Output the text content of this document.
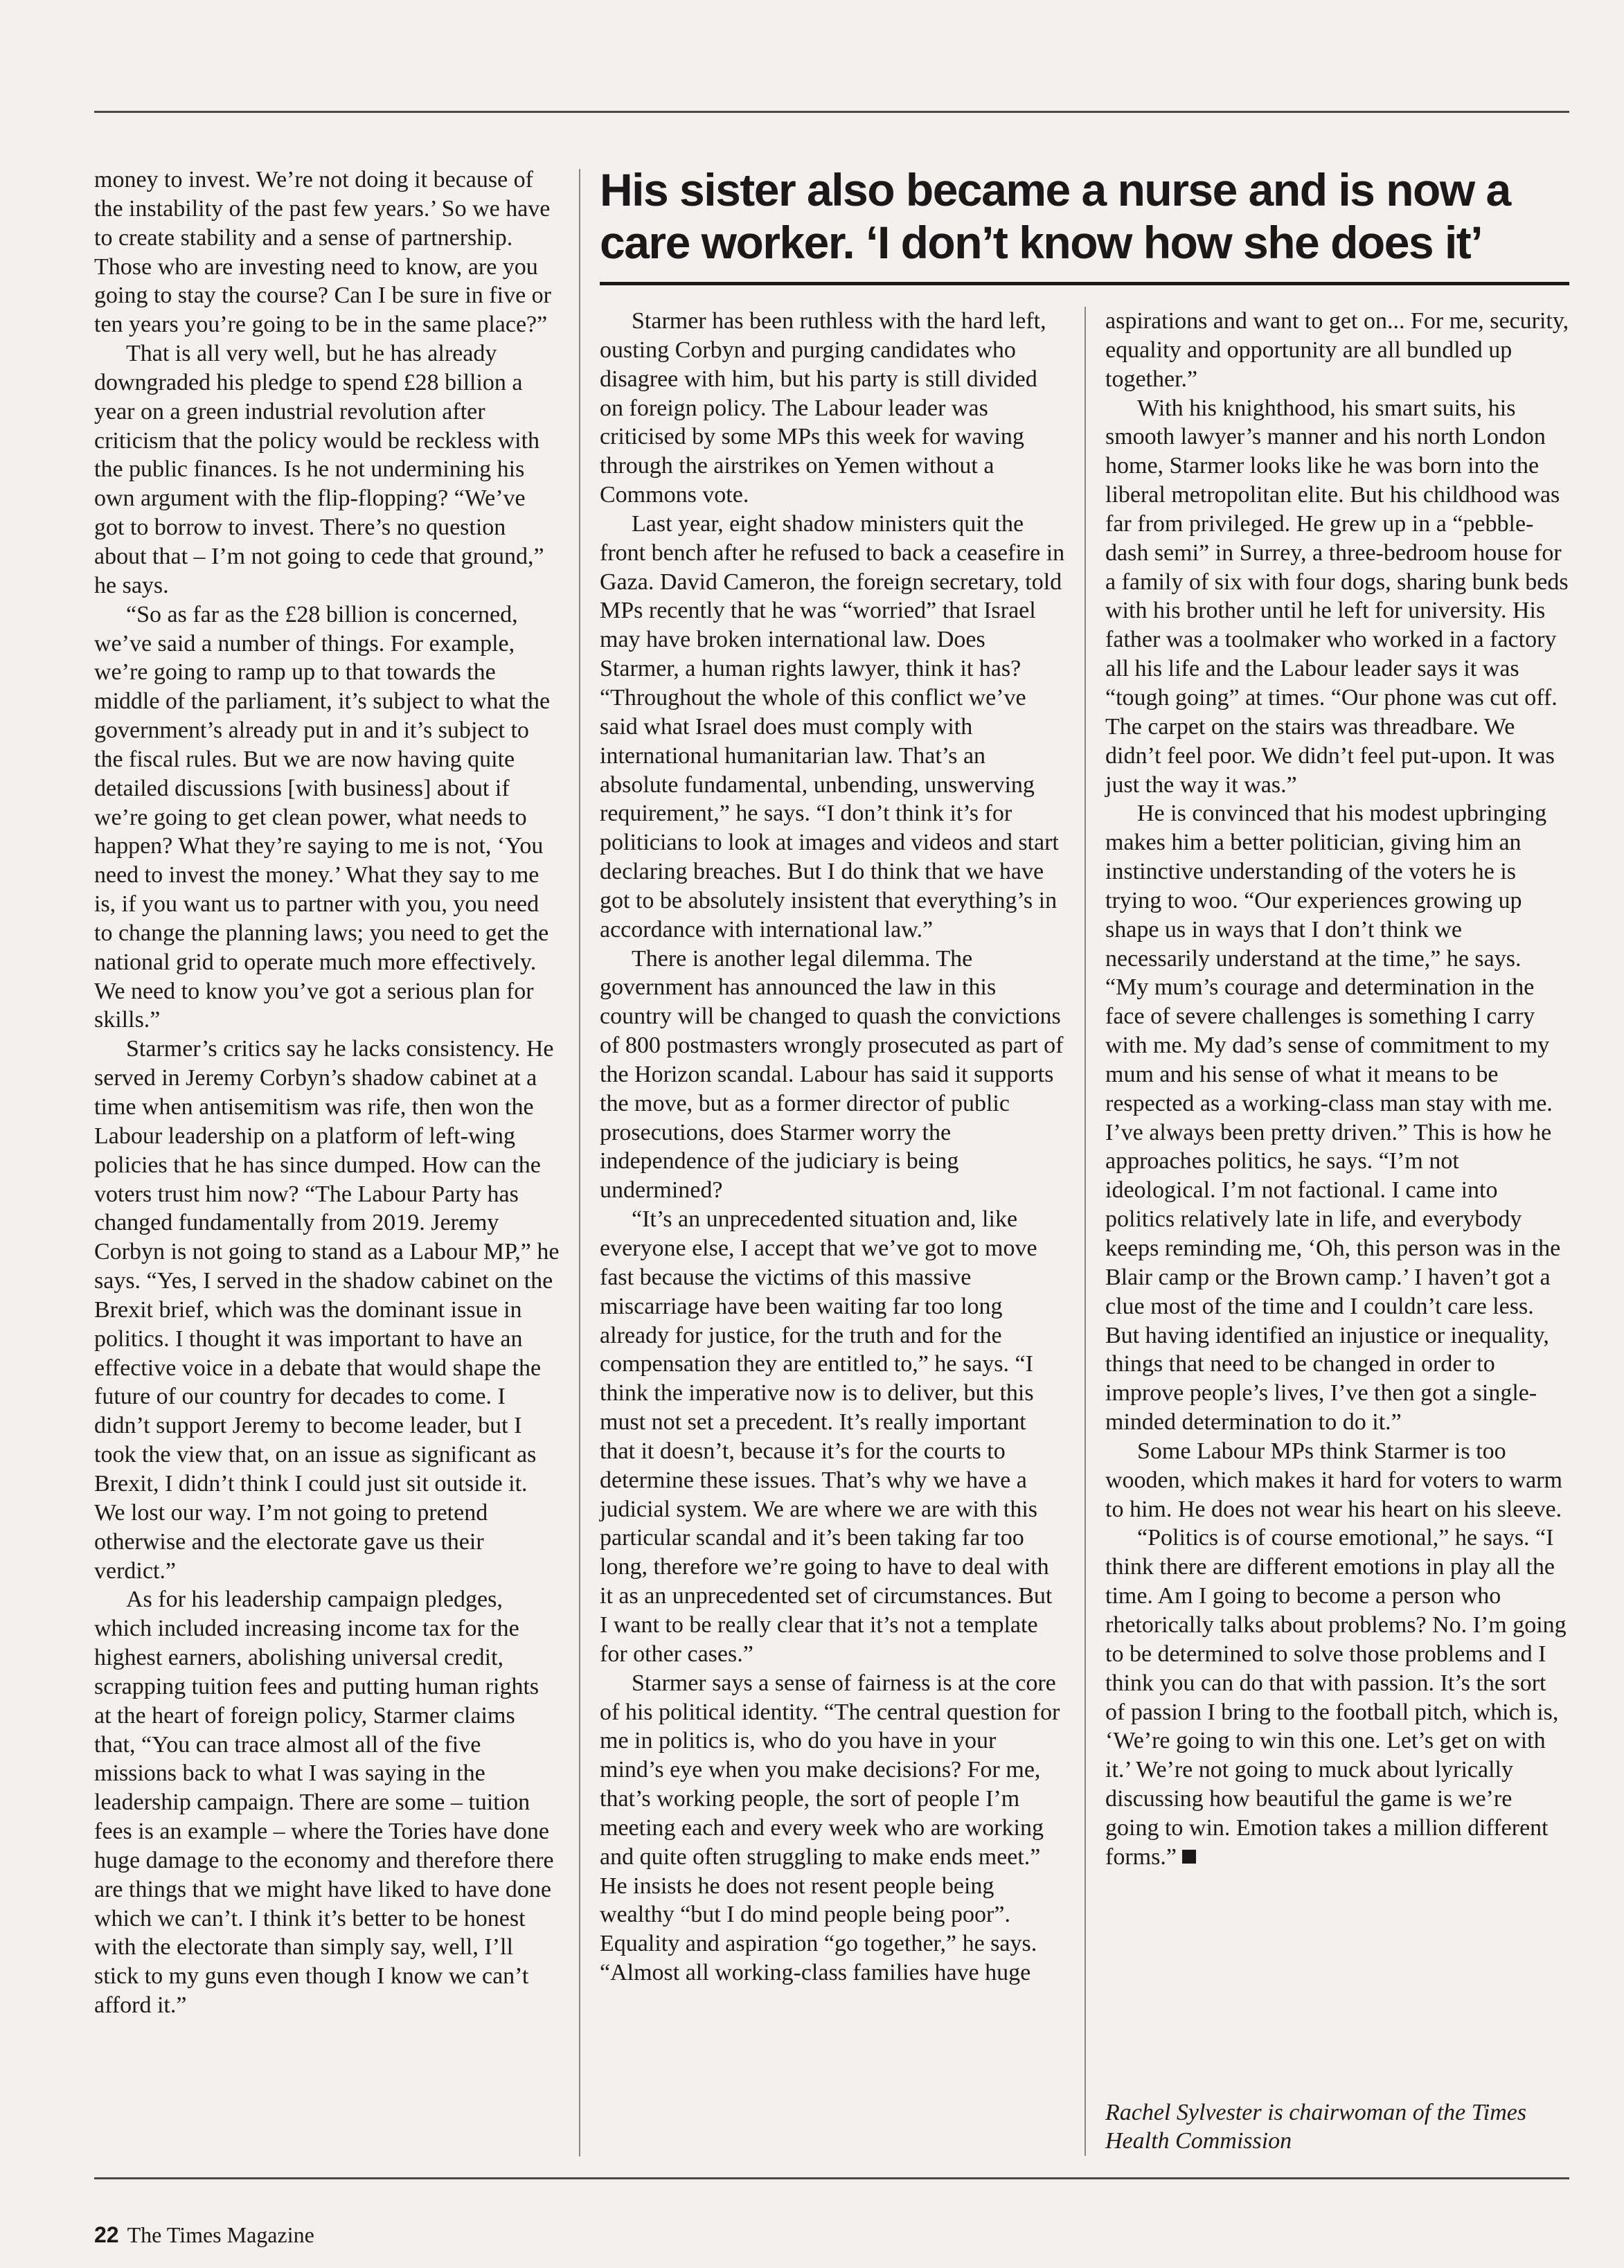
money to invest. We’re not doing it because of the instability of the past few years.’ So we have to create stability and a sense of partnership. Those who are investing need to know, are you going to stay the course? Can I be sure in five or ten years you’re going to be in the same place?”

That is all very well, but he has already downgraded his pledge to spend £28 billion a year on a green industrial revolution after criticism that the policy would be reckless with the public finances. Is he not undermining his own argument with the flip-flopping? “We’ve got to borrow to invest. There’s no question about that – I’m not going to cede that ground,” he says.

“So as far as the £28 billion is concerned, we’ve said a number of things. For example, we’re going to ramp up to that towards the middle of the parliament, it’s subject to what the government’s already put in and it’s subject to the fiscal rules. But we are now having quite detailed discussions [with business] about if we’re going to get clean power, what needs to happen? What they’re saying to me is not, ‘You need to invest the money.’ What they say to me is, if you want us to partner with you, you need to change the planning laws; you need to get the national grid to operate much more effectively. We need to know you’ve got a serious plan for skills.”

Starmer’s critics say he lacks consistency. He served in Jeremy Corbyn’s shadow cabinet at a time when antisemitism was rife, then won the Labour leadership on a platform of left-wing policies that he has since dumped. How can the voters trust him now? “The Labour Party has changed fundamentally from 2019. Jeremy Corbyn is not going to stand as a Labour MP,” he says. “Yes, I served in the shadow cabinet on the Brexit brief, which was the dominant issue in politics. I thought it was important to have an effective voice in a debate that would shape the future of our country for decades to come. I didn’t support Jeremy to become leader, but I took the view that, on an issue as significant as Brexit, I didn’t think I could just sit outside it. We lost our way. I’m not going to pretend otherwise and the electorate gave us their verdict.”

As for his leadership campaign pledges, which included increasing income tax for the highest earners, abolishing universal credit, scrapping tuition fees and putting human rights at the heart of foreign policy, Starmer claims that, “You can trace almost all of the five missions back to what I was saying in the leadership campaign. There are some – tuition fees is an example – where the Tories have done huge damage to the economy and therefore there are things that we might have liked to have done which we can’t. I think it’s better to be honest with the electorate than simply say, well, I’ll stick to my guns even though I know we can’t afford it.”

His sister also became a nurse and is now a care worker. ‘I don’t know how she does it’

Starmer has been ruthless with the hard left, ousting Corbyn and purging candidates who disagree with him, but his party is still divided on foreign policy. The Labour leader was criticised by some MPs this week for waving through the airstrikes on Yemen without a Commons vote.

Last year, eight shadow ministers quit the front bench after he refused to back a ceasefire in Gaza. David Cameron, the foreign secretary, told MPs recently that he was “worried” that Israel may have broken international law. Does Starmer, a human rights lawyer, think it has? “Throughout the whole of this conflict we’ve said what Israel does must comply with international humanitarian law. That’s an absolute fundamental, unbending, unswerving requirement,” he says. “I don’t think it’s for politicians to look at images and videos and start declaring breaches. But I do think that we have got to be absolutely insistent that everything’s in accordance with international law.”

There is another legal dilemma. The government has announced the law in this country will be changed to quash the convictions of 800 postmasters wrongly prosecuted as part of the Horizon scandal. Labour has said it supports the move, but as a former director of public prosecutions, does Starmer worry the independence of the judiciary is being undermined?

“It’s an unprecedented situation and, like everyone else, I accept that we’ve got to move fast because the victims of this massive miscarriage have been waiting far too long already for justice, for the truth and for the compensation they are entitled to,” he says. “I think the imperative now is to deliver, but this must not set a precedent. It’s really important that it doesn’t, because it’s for the courts to determine these issues. That’s why we have a judicial system. We are where we are with this particular scandal and it’s been taking far too long, therefore we’re going to have to deal with it as an unprecedented set of circumstances. But I want to be really clear that it’s not a template for other cases.”

Starmer says a sense of fairness is at the core of his political identity. “The central question for me in politics is, who do you have in your mind’s eye when you make decisions? For me, that’s working people, the sort of people I’m meeting each and every week who are working and quite often struggling to make ends meet.” He insists he does not resent people being wealthy “but I do mind people being poor”. Equality and aspiration “go together,” he says. “Almost all working-class families have huge

aspirations and want to get on... For me, security, equality and opportunity are all bundled up together.”

With his knighthood, his smart suits, his smooth lawyer’s manner and his north London home, Starmer looks like he was born into the liberal metropolitan elite. But his childhood was far from privileged. He grew up in a “pebble-dash semi” in Surrey, a three-bedroom house for a family of six with four dogs, sharing bunk beds with his brother until he left for university. His father was a toolmaker who worked in a factory all his life and the Labour leader says it was “tough going” at times. “Our phone was cut off. The carpet on the stairs was threadbare. We didn’t feel poor. We didn’t feel put-upon. It was just the way it was.”

He is convinced that his modest upbringing makes him a better politician, giving him an instinctive understanding of the voters he is trying to woo. “Our experiences growing up shape us in ways that I don’t think we necessarily understand at the time,” he says. “My mum’s courage and determination in the face of severe challenges is something I carry with me. My dad’s sense of commitment to my mum and his sense of what it means to be respected as a working-class man stay with me. I’ve always been pretty driven.” This is how he approaches politics, he says. “I’m not ideological. I’m not factional. I came into politics relatively late in life, and everybody keeps reminding me, ‘Oh, this person was in the Blair camp or the Brown camp.’ I haven’t got a clue most of the time and I couldn’t care less. But having identified an injustice or inequality, things that need to be changed in order to improve people’s lives, I’ve then got a single-minded determination to do it.”

Some Labour MPs think Starmer is too wooden, which makes it hard for voters to warm to him. He does not wear his heart on his sleeve.

“Politics is of course emotional,” he says. “I think there are different emotions in play all the time. Am I going to become a person who rhetorically talks about problems? No. I’m going to be determined to solve those problems and I think you can do that with passion. It’s the sort of passion I bring to the football pitch, which is, ‘We’re going to win this one. Let’s get on with it.’ We’re not going to muck about lyrically discussing how beautiful the game is we’re going to win. Emotion takes a million different forms.”

Rachel Sylvester is chairwoman of the Times Health Commission
22 The Times Magazine
